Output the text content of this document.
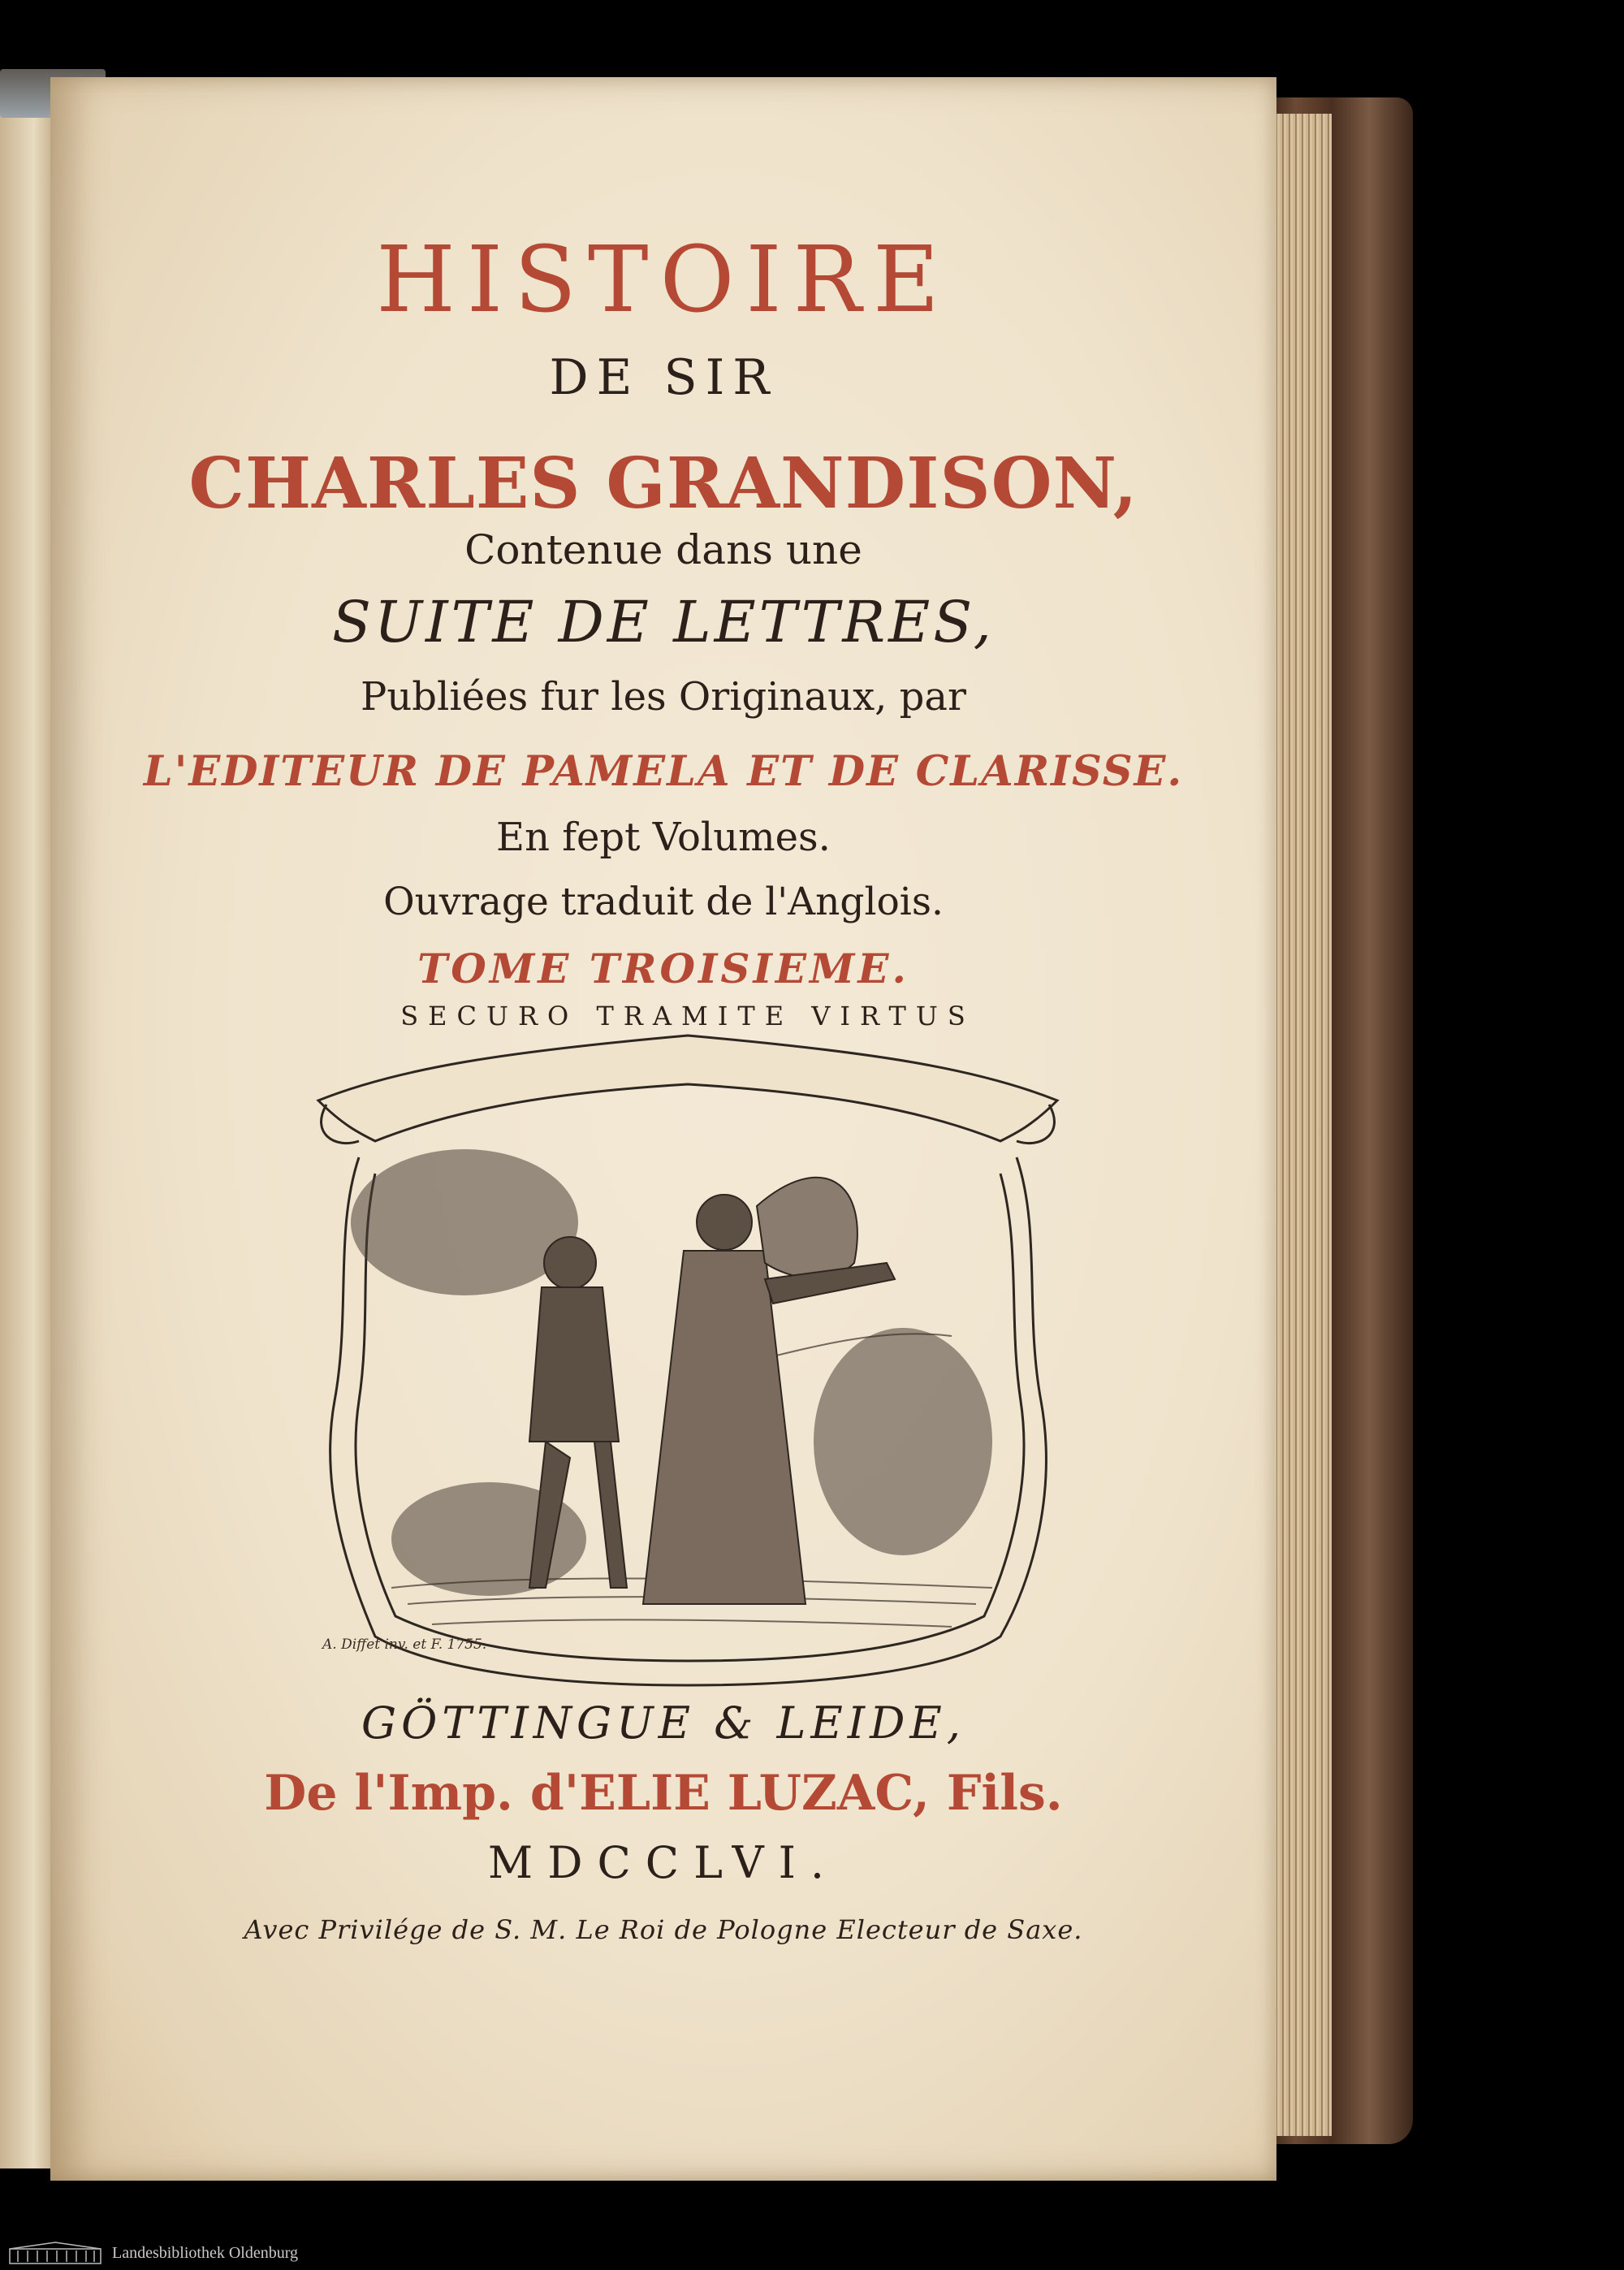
HISTOIRE
DE SIR
CHARLES GRANDISON,
Contenue dans une
SUITE DE LETTRES,
Publiées fur les Originaux, par
L'EDITEUR DE PAMELA ET DE CLARISSE.
En fept Volumes.
Ouvrage traduit de l'Anglois.
TOME TROISIEME.
A. Diffet inv. et F. 1755.
GÖTTINGUE & LEIDE,
De l'Imp. d'ELIE LUZAC, Fils.
MDCCLVI.
Avec Privilége de S. M. Le Roi de Pologne Electeur de Saxe.
SECURO TRAMITE VIRTUS
Landesbibliothek Oldenburg
